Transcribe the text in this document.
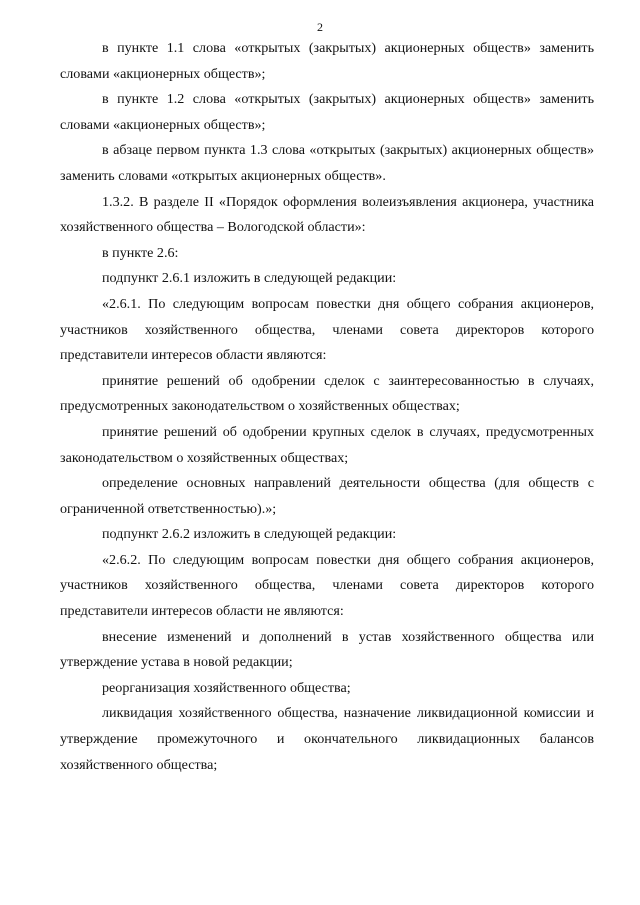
2

в пункте 1.1 слова «открытых (закрытых) акционерных обществ» заменить словами «акционерных обществ»;

в пункте 1.2 слова «открытых (закрытых) акционерных обществ» заменить словами «акционерных обществ»;

в абзаце первом пункта 1.3 слова «открытых (закрытых) акционерных обществ» заменить словами «открытых акционерных обществ».

1.3.2. В разделе II «Порядок оформления волеизъявления акционера, участника хозяйственного общества – Вологодской области»:

в пункте 2.6:

подпункт 2.6.1 изложить в следующей редакции:

«2.6.1. По следующим вопросам повестки дня общего собрания акционеров, участников хозяйственного общества, членами совета директоров которого представители интересов области являются:

принятие решений об одобрении сделок с заинтересованностью в случаях, предусмотренных законодательством о хозяйственных обществах;

принятие решений об одобрении крупных сделок в случаях, предусмотренных законодательством о хозяйственных обществах;

определение основных направлений деятельности общества (для обществ с ограниченной ответственностью).»;

подпункт 2.6.2 изложить в следующей редакции:

«2.6.2. По следующим вопросам повестки дня общего собрания акционеров, участников хозяйственного общества, членами совета директоров которого представители интересов области не являются:

внесение изменений и дополнений в устав хозяйственного общества или утверждение устава в новой редакции;

реорганизация хозяйственного общества;

ликвидация хозяйственного общества, назначение ликвидационной комиссии и утверждение промежуточного и окончательного ликвидационных балансов хозяйственного общества;
